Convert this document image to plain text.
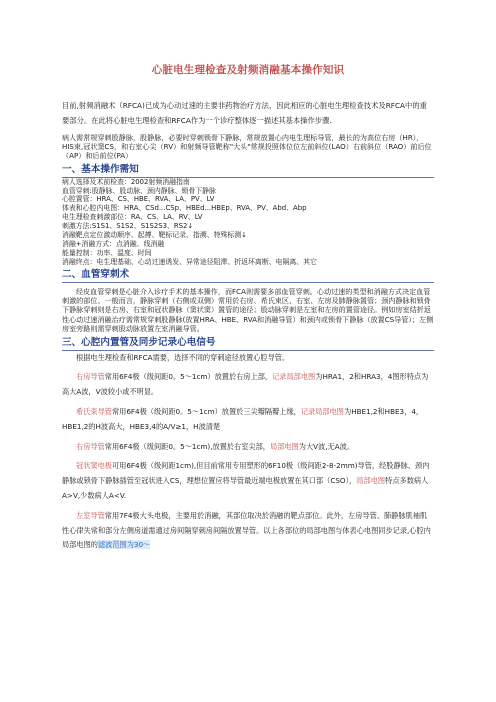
心脏电生理检查及射频消融基本操作知识

目前,射频消融术（RFCA)已成为心动过速的主要非药物治疗方法，因此相应的心脏电生理检查技术及RFCA中的重要部分。在此将心脏电生理检查和RFCA作为一个诊疗整体逐一描述其基本操作步骤.

病人需常规穿刺股静脉，股静脉，必要时穿刺锁骨下静脉，常规放置心内电生理标导管，最长的为高位右房（HR），HIS束,冠状窦CS，和右室心尖（RV）和射频导管靶称"大头"常规投照体位位左前斜位(LAO）右前斜位（RAO）前后位（AP）和后前位(PA）

一、基本操作需知
病人选择及术前检查：2002射频消融指南
血管穿刺:股静脉、股动脉、颈内静脉、锁骨下静脉
心腔置管：HRA、CS、HBE、RVA、LA、PV、LV
体表和心腔内电图：HRA、CSd...CSp、HBEd...HBEp、RVA、PV、Abd、Abp
电生理检查刺激部位：RA、CS、LA、RV、LV
刺激方法:S1S1、S1S2、S1S2S3、RS2↓
消融靶点定位激动顺序、起搏、靶标记录、指溯、特殊标测↓
消融+消融方式：点消融、线消融
能量控制：功率、温度、时间
消融终点：电生理基础、心动过速诱发、异常途径阻滞、折返环离断、电隔离、其它
二、血管穿刺术

经皮血管穿刺是心脏介入诊疗手术的基本操作，而FCA则需要多部血管穿刺。心动过速的类型和消融方式决定血管刺激的部位、一般而言，静脉穿刺（右侧或双侧）常用於右房、希氏束区、右室、左房及肺静脉置管；颈内静脉和锁骨下静脉穿刺则是右房、右室和冠状静脉（窦状窦）置管的途径；股动脉穿刺是左室和左房的置管途径。例如房室结折返性心动过速消融治疗需常规穿刺股静脉(放置HRA、HBE、RVA和消融导管）和颈内或锁骨下静脉（放置CS导管）；左侧房室旁路则需穿刺股动脉放置左室消融导管。

三、心腔内置管及同步记录心电信号

根据电生理检查和RFCA需要，选择不同的穿刺途径放置心腔导管。

右房导管常用6F4极（级间距0。5～1cm）放置於右房上部，记录局部电图为HRA1，2和HRA3，4图形特点为高大A波，V波较小或不明显。

希氏束导管常用6F4极（级间距0。5～1cm）放置於三尖瓣隔瓣上缘，记录局部电图为HBE1,2和HBE3，4，HBE1,2的H波高大，HBE3,4的A/V≥1，H波清楚

右房导管常用6F4极（级间距0。5～1cm),放置於右室尖部，局部电图为大V波,无A波。

冠状窦电极可用6F4极（级间距1cm),但目前常用专用塑形的6F10极（级间距2-8-2mm)导管，经股静脉、颈内静脉或锁骨下静脉插管至冠状进入CS，理想位置应将导管最近端电极放置在其口部（CSO），局部电图特点多数病人A>V,少数病人A<V.

左室导管常用7F4极大头电极，主要用於消融，其部位取决於消融的靶点部位。此外，左房导管、肺静脉肌袖肌性心律失常和部分左侧房道需通过房间隔穿刺房间隔放置导管。以上各部位的局部电图与体表心电图同步记录,心腔内局部电图的滤波范围为30～
